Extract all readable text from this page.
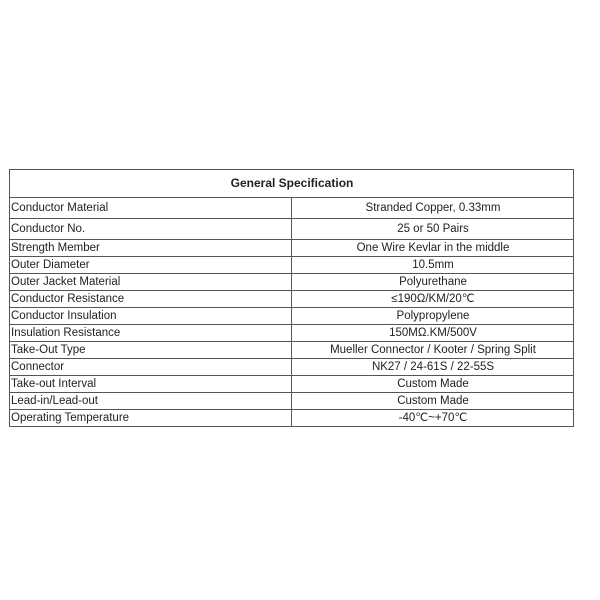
General Specification	
Conductor Material	Stranded Copper, 0.33mm
Conductor No.	25 or 50 Pairs
Strength Member	One Wire Kevlar in the middle
Outer Diameter	10.5mm
Outer Jacket Material	Polyurethane
Conductor Resistance	≤190Ω/KM/20℃
Conductor Insulation	Polypropylene
Insulation Resistance	150MΩ.KM/500V
Take-Out Type	Mueller Connector / Kooter / Spring Split
Connector	NK27 / 24-61S / 22-55S
Take-out Interval	Custom Made
Lead-in/Lead-out	Custom Made
Operating Temperature	-40℃~+70℃
